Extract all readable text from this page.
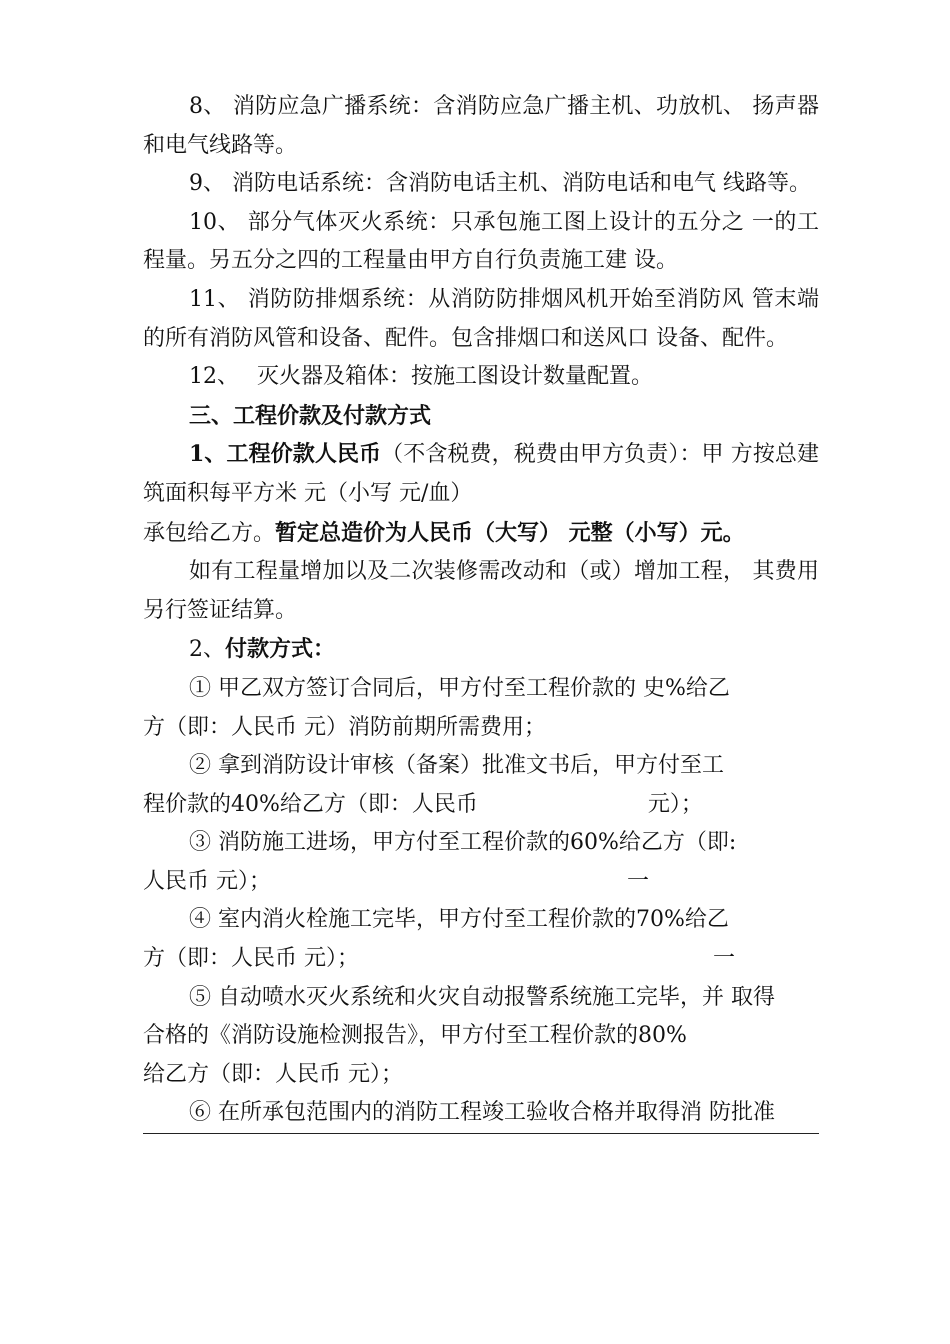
8、 消防应急广播系统：含消防应急广播主机、功放机、 扬声器和电气线路等。

9、 消防电话系统：含消防电话主机、消防电话和电气 线路等。

10、 部分气体灭火系统：只承包施工图上设计的五分之 一的工程量。另五分之四的工程量由甲方自行负责施工建 设。

11、 消防防排烟系统：从消防防排烟风机开始至消防风 管末端的所有消防风管和设备、配件。包含排烟口和送风口 设备、配件。

12、　 灭火器及箱体：按施工图设计数量配置。

三、工程价款及付款方式

1、工程价款人民币（不含税费，税费由甲方负责）：甲 方按总建筑面积每平方米 元（小写 元/血）

承包给乙方。暂定总造价为人民币（大写） 元整（小写）元。

如有工程量增加以及二次装修需改动和（或）增加工程， 其费用另行签证结算。

2、付款方式：

① 甲乙双方签订合同后，甲方付至工程价款的 史%给乙

方（即：人民币 元）消防前期所需费用；

② 拿到消防设计审核（备案）批准文书后，甲方付至工

程价款的40%给乙方（即：人民币	元）；

③ 消防施工进场，甲方付至工程价款的60%给乙方（即:

人民币 元）；	一

④ 室内消火栓施工完毕，甲方付至工程价款的70%给乙

方（即：人民币 元）；	一

⑤ 自动喷水灭火系统和火灾自动报警系统施工完毕，并 取得

合格的《消防设施检测报告》，甲方付至工程价款的80%

给乙方（即：人民币 元）；

⑥ 在所承包范围内的消防工程竣工验收合格并取得消 防批准
